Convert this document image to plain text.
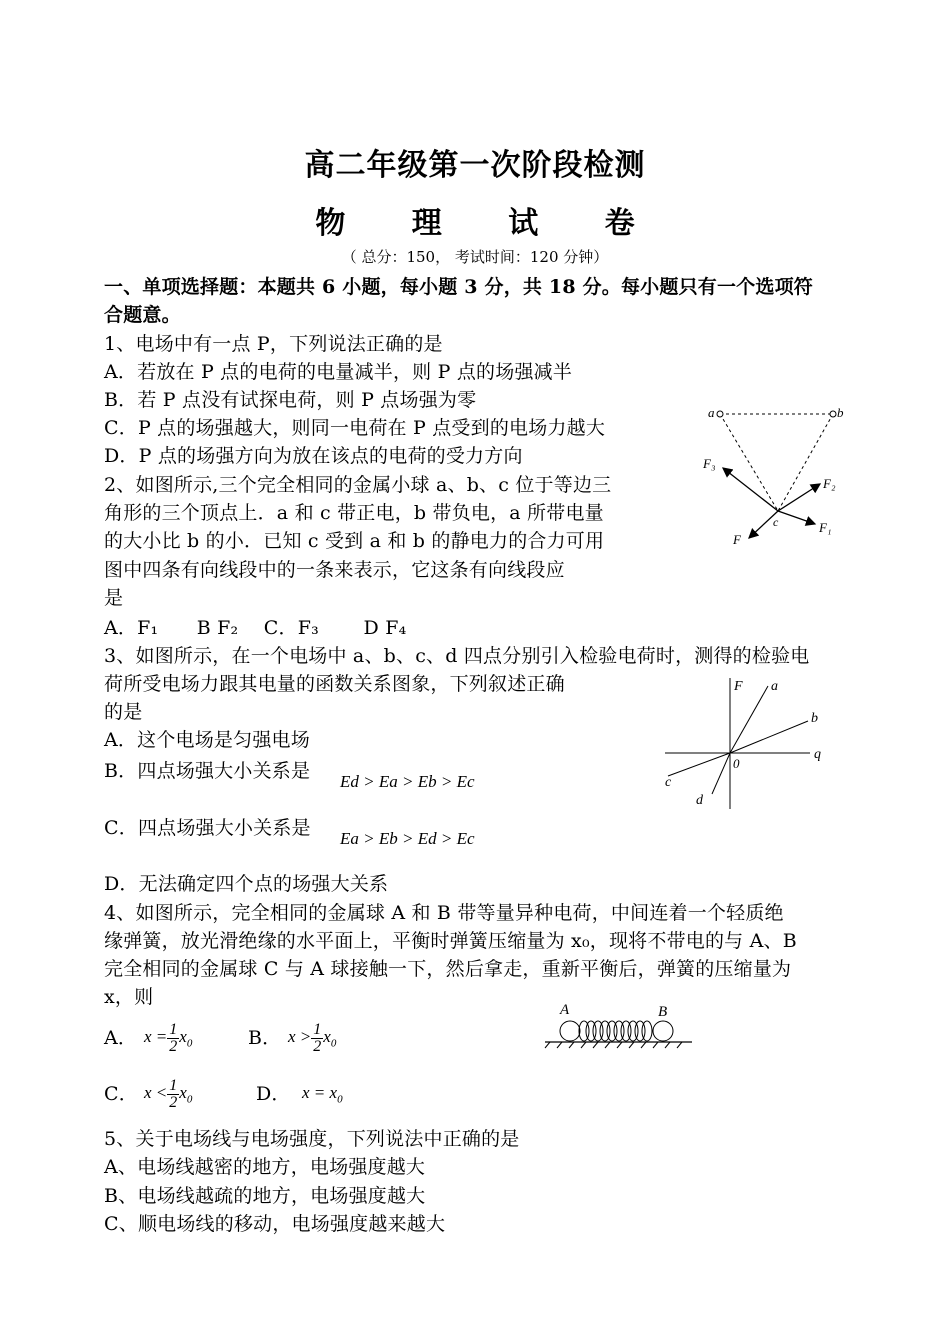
高二年级第一次阶段检测
物 理 试 卷
（ 总分：150， 考试时间：120 分钟）
一、单项选择题：本题共 6 小题，每小题 3 分，共 18 分。每小题只有一个选项符
合题意。
1、电场中有一点 P，下列说法正确的是
A．若放在 P 点的电荷的电量减半，则 P 点的场强减半
B．若 P 点没有试探电荷，则 P 点场强为零
C．P 点的场强越大，则同一电荷在 P 点受到的电场力越大
D．P 点的场强方向为放在该点的电荷的受力方向
2、如图所示,三个完全相同的金属小球 a、b、c 位于等边三
角形的三个顶点上．a 和 c 带正电，b 带负电，a 所带电量
的大小比 b 的小．已知 c 受到 a 和 b 的静电力的合力可用
图中四条有向线段中的一条来表示，它这条有向线段应
是
A．F₁　　B F₂　 C．F₃　　 D F₄
a	b
c
F₃
F₂
F₁
F
3、如图所示，在一个电场中 a、b、c、d 四点分别引入检验电荷时，测得的检验电
荷所受电场力跟其电量的函数关系图象，下列叙述正确
的是
A．这个电场是匀强电场
B．四点场强大小关系是 Ed > Ea > Eb > Ec
C．四点场强大小关系是 Ea > Eb > Ed > Ec
D．无法确定四个点的场强大关系
F a
b
q
0
c
d
4、如图所示，完全相同的金属球 A 和 B 带等量异种电荷，中间连着一个轻质绝
缘弹簧，放光滑绝缘的水平面上，平衡时弹簧压缩量为 x₀，现将不带电的与 A、B
完全相同的金属球 C 与 A 球接触一下，然后拿走，重新平衡后，弹簧的压缩量为
x，则
A． $x = \frac{1}{2} x_0$	B． $x > \frac{1}{2} x_0$
C． $x < \frac{1}{2} x_0$	D． $x = x_0$
A	B
5、关于电场线与电场强度，下列说法中正确的是
A、电场线越密的地方，电场强度越大
B、电场线越疏的地方，电场强度越大
C、顺电场线的移动，电场强度越来越大
